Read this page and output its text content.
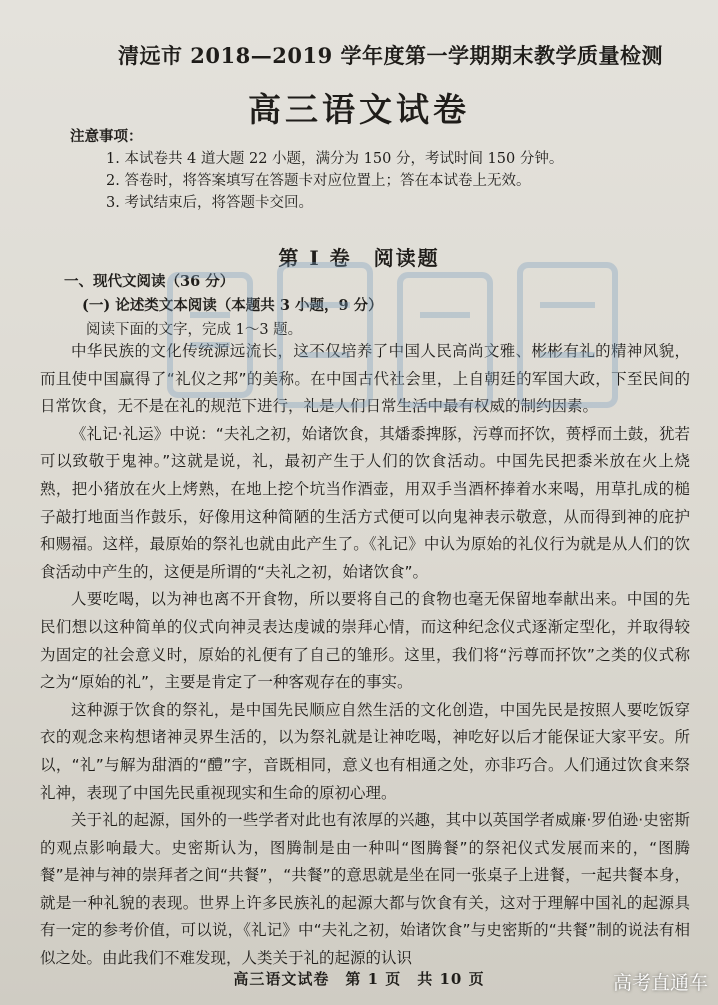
清远市 2018—2019 学年度第一学期期末教学质量检测
高三语文试卷
注意事项：
1. 本试卷共 4 道大题 22 小题，满分为 150 分，考试时间 150 分钟。
2. 答卷时，将答案填写在答题卡对应位置上；答在本试卷上无效。
3. 考试结束后，将答题卡交回。
第 I 卷　阅读题
一、现代文阅读（36 分）
(一) 论述类文本阅读（本题共 3 小题，9 分）
阅读下面的文字，完成 1～3 题。

中华民族的文化传统源远流长，这不仅培养了中国人民高尚文雅、彬彬有礼的精神风貌，而且使中国赢得了“礼仪之邦”的美称。在中国古代社会里，上自朝廷的军国大政，下至民间的日常饮食，无不是在礼的规范下进行，礼是人们日常生活中最有权威的制约因素。

《礼记·礼运》中说：“夫礼之初，始诸饮食，其燔黍捭豚，污尊而抔饮，蒉桴而土鼓，犹若可以致敬于鬼神。”这就是说，礼，最初产生于人们的饮食活动。中国先民把黍米放在火上烧熟，把小猪放在火上烤熟，在地上挖个坑当作酒壶，用双手当酒杯捧着水来喝，用草扎成的槌子敲打地面当作鼓乐，好像用这种简陋的生活方式便可以向鬼神表示敬意，从而得到神的庇护和赐福。这样，最原始的祭礼也就由此产生了。《礼记》中认为原始的礼仪行为就是从人们的饮食活动中产生的，这便是所谓的“夫礼之初，始诸饮食”。

人要吃喝，以为神也离不开食物，所以要将自己的食物也毫无保留地奉献出来。中国的先民们想以这种简单的仪式向神灵表达虔诚的崇拜心情，而这种纪念仪式逐渐定型化，并取得较为固定的社会意义时，原始的礼便有了自己的雏形。这里，我们将“污尊而抔饮”之类的仪式称之为“原始的礼”，主要是肯定了一种客观存在的事实。

这种源于饮食的祭礼，是中国先民顺应自然生活的文化创造，中国先民是按照人要吃饭穿衣的观念来构想诸神灵界生活的，以为祭礼就是让神吃喝，神吃好以后才能保证大家平安。所以，“礼”与解为甜酒的“醴”字，音既相同，意义也有相通之处，亦非巧合。人们通过饮食来祭礼神，表现了中国先民重视现实和生命的原初心理。

关于礼的起源，国外的一些学者对此也有浓厚的兴趣，其中以英国学者威廉·罗伯逊·史密斯的观点影响最大。史密斯认为，图腾制是由一种叫“图腾餐”的祭祀仪式发展而来的，“图腾餐”是神与神的崇拜者之间“共餐”，“共餐”的意思就是坐在同一张桌子上进餐，一起共餐本身，就是一种礼貌的表现。世界上许多民族礼的起源大都与饮食有关，这对于理解中国礼的起源具有一定的参考价值，可以说，《礼记》中“夫礼之初，始诸饮食”与史密斯的“共餐”制的说法有相似之处。由此我们不难发现，人类关于礼的起源的认识

高三语文试卷　第 1 页　共 10 页	高考直通车
